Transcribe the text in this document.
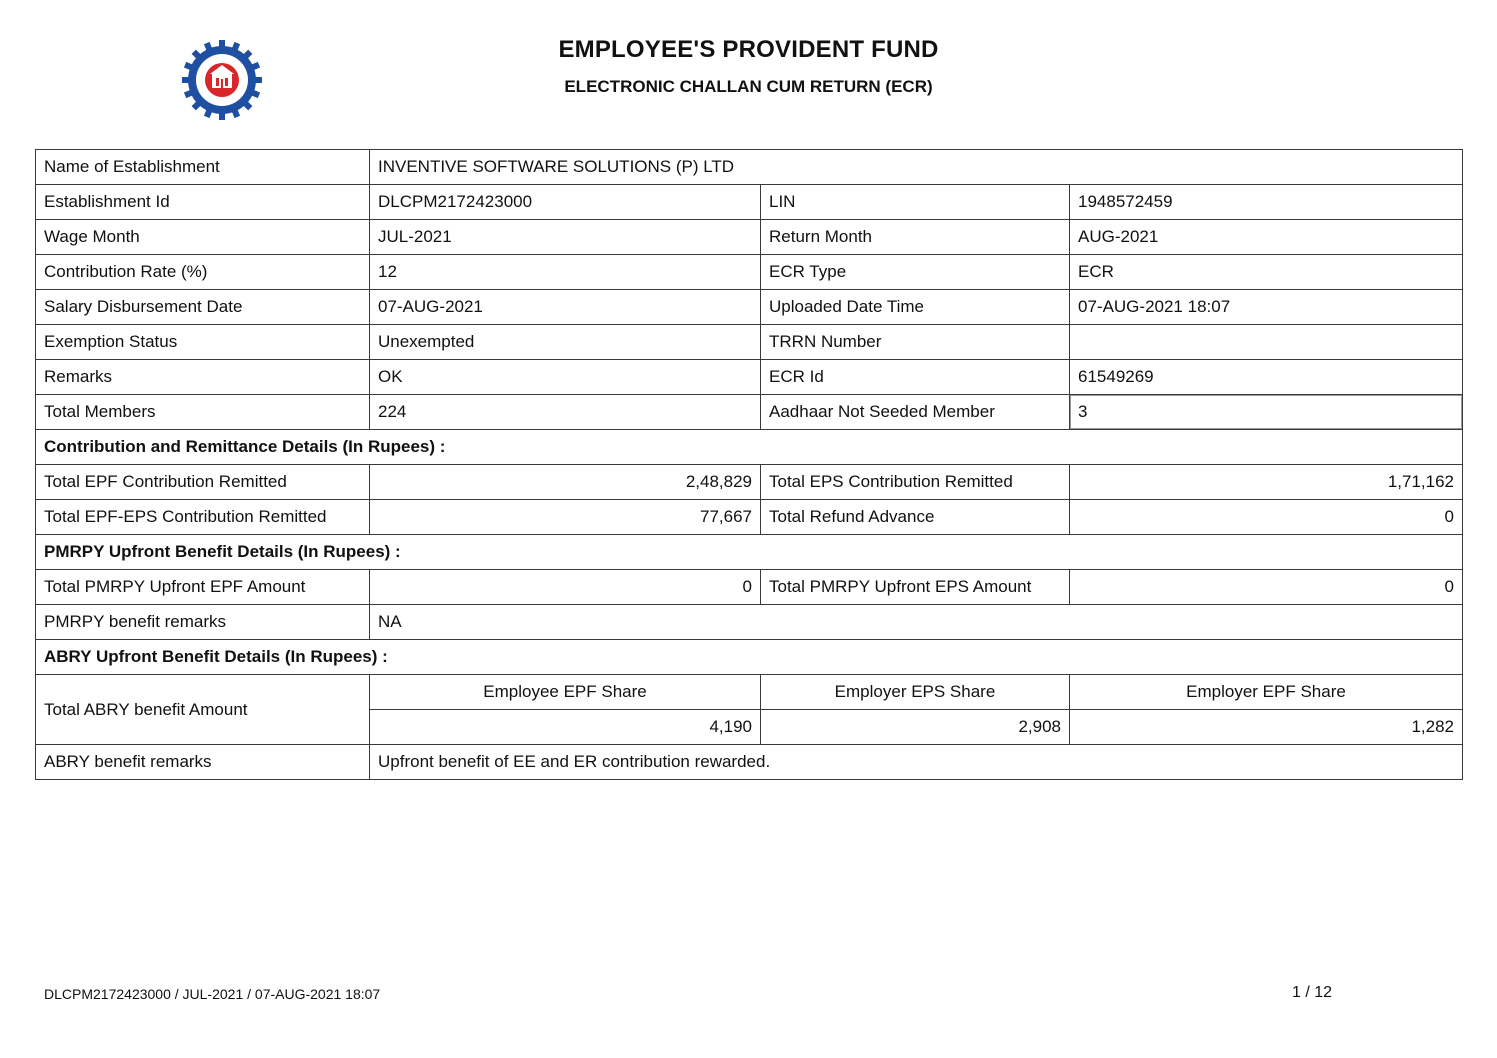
EMPLOYEE'S PROVIDENT FUND
ELECTRONIC CHALLAN CUM RETURN (ECR)
Name of Establishment	INVENTIVE SOFTWARE SOLUTIONS (P) LTD		
Establishment Id	DLCPM2172423000	LIN	1948572459
Wage Month	JUL-2021	Return Month	AUG-2021
Contribution Rate (%)	12	ECR Type	ECR
Salary Disbursement Date	07-AUG-2021	Uploaded Date Time	07-AUG-2021 18:07
Exemption Status	Unexempted	TRRN Number	
Remarks	OK	ECR Id	61549269
Total Members	224	Aadhaar Not Seeded Member	3
Contribution and Remittance Details (In Rupees) :			
Total EPF Contribution Remitted	2,48,829	Total EPS Contribution Remitted	1,71,162
Total EPF-EPS Contribution Remitted	77,667	Total Refund Advance	0
PMRPY Upfront Benefit Details (In Rupees) :			
Total PMRPY Upfront EPF Amount	0	Total PMRPY Upfront EPS Amount	0
PMRPY benefit remarks	NA		
ABRY Upfront Benefit Details (In Rupees) :			
Total ABRY benefit Amount	Employee EPF Share	Employer EPS Share	Employer EPF Share
	4,190	2,908	1,282
ABRY benefit remarks	Upfront benefit of EE and ER contribution rewarded.		
DLCPM2172423000 / JUL-2021 / 07-AUG-2021 18:07	1 / 12
